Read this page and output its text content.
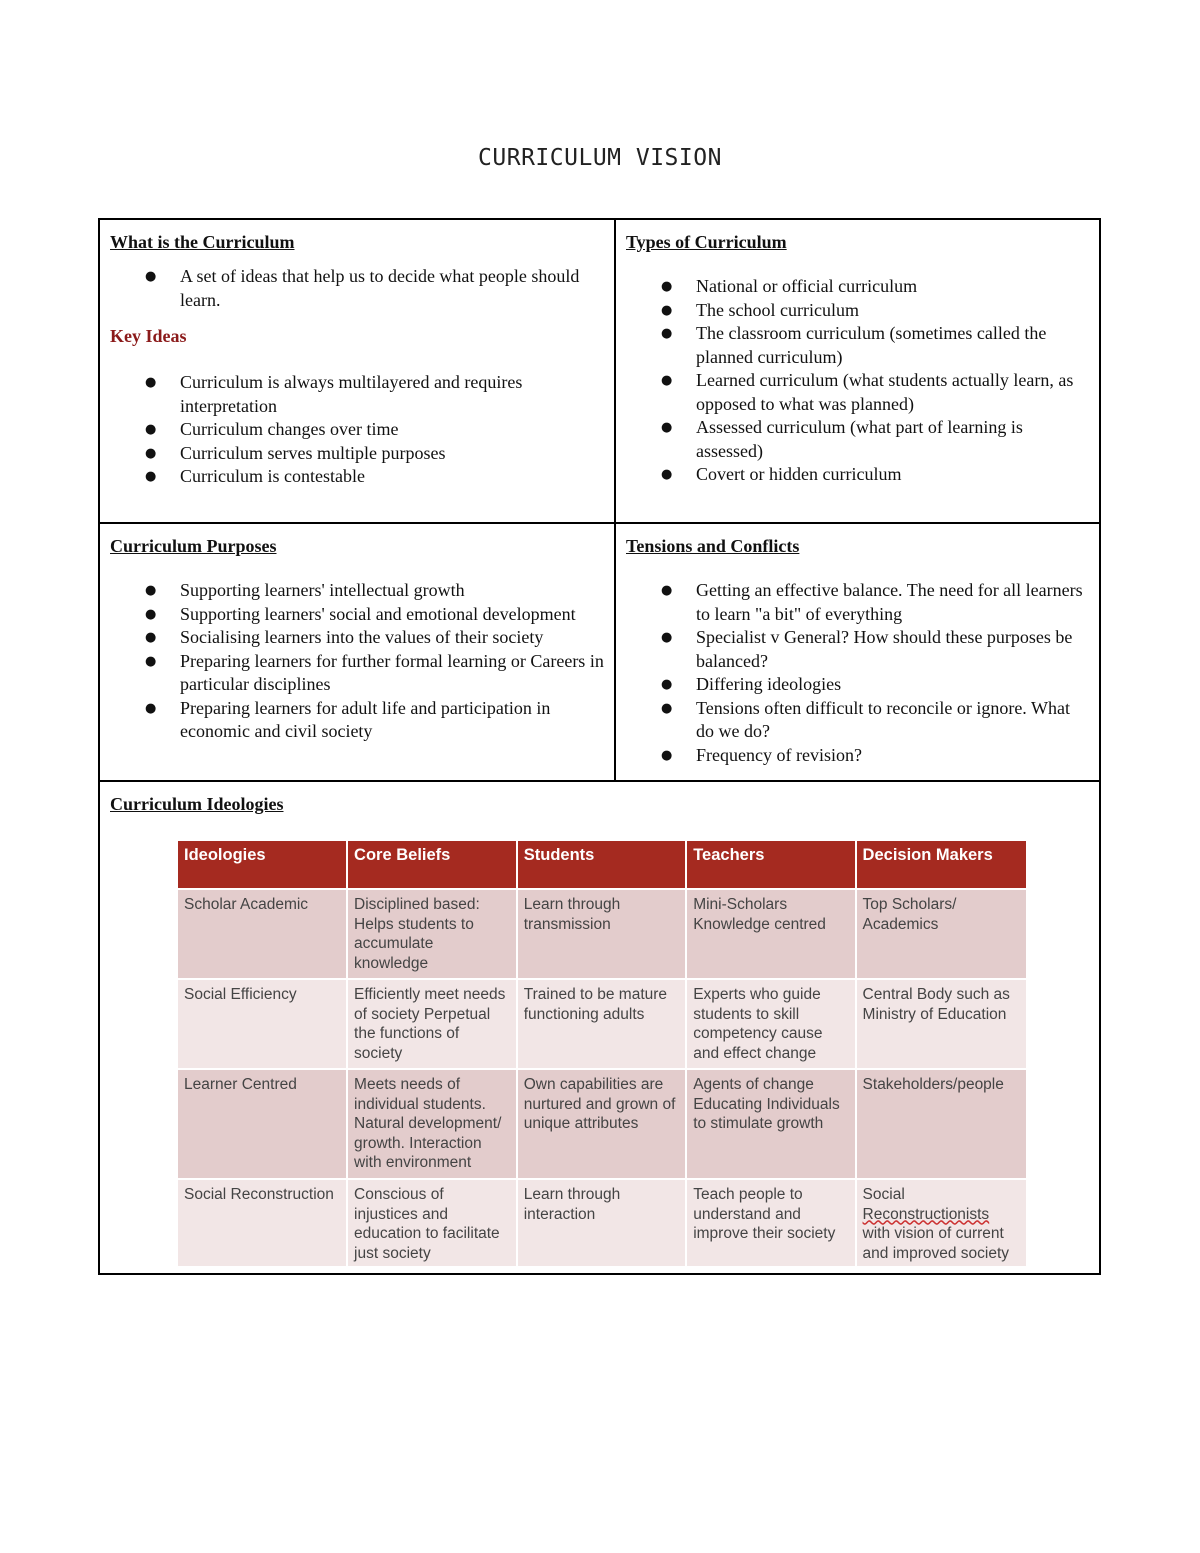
CURRICULUM VISION
What is the Curriculum
● A set of ideas that help us to decide what people should learn.
Key Ideas
● Curriculum is always multilayered and requires interpretation
● Curriculum changes over time
● Curriculum serves multiple purposes
● Curriculum is contestable
Types of Curriculum
● National or official curriculum
● The school curriculum
● The classroom curriculum (sometimes called the planned curriculum)
● Learned curriculum (what students actually learn, as opposed to what was planned)
● Assessed curriculum (what part of learning is assessed)
● Covert or hidden curriculum
Curriculum Purposes
● Supporting learners' intellectual growth
● Supporting learners' social and emotional development
● Socialising learners into the values of their society
● Preparing learners for further formal learning or Careers in particular disciplines
● Preparing learners for adult life and participation in economic and civil society
Tensions and Conflicts
● Getting an effective balance. The need for all learners to learn "a bit" of everything
● Specialist v General? How should these purposes be balanced?
● Differing ideologies
● Tensions often difficult to reconcile or ignore. What do we do?
● Frequency of revision?
Curriculum Ideologies
Ideologies	Core Beliefs	Students	Teachers	Decision Makers
Scholar Academic	Disciplined based: Helps students to accumulate knowledge	Learn through transmission	Mini-Scholars Knowledge centred	Top Scholars/ Academics
Social Efficiency	Efficiently meet needs of society Perpetual the functions of society	Trained to be mature functioning adults	Experts who guide students to skill competency cause and effect change	Central Body such as Ministry of Education
Learner Centred	Meets needs of individual students. Natural development/ growth. Interaction with environment	Own capabilities are nurtured and grown of unique attributes	Agents of change Educating Individuals to stimulate growth	Stakeholders/people
Social Reconstruction	Conscious of injustices and education to facilitate just society	Learn through interaction	Teach people to understand and improve their society	Social Reconstructionists with vision of current and improved society
